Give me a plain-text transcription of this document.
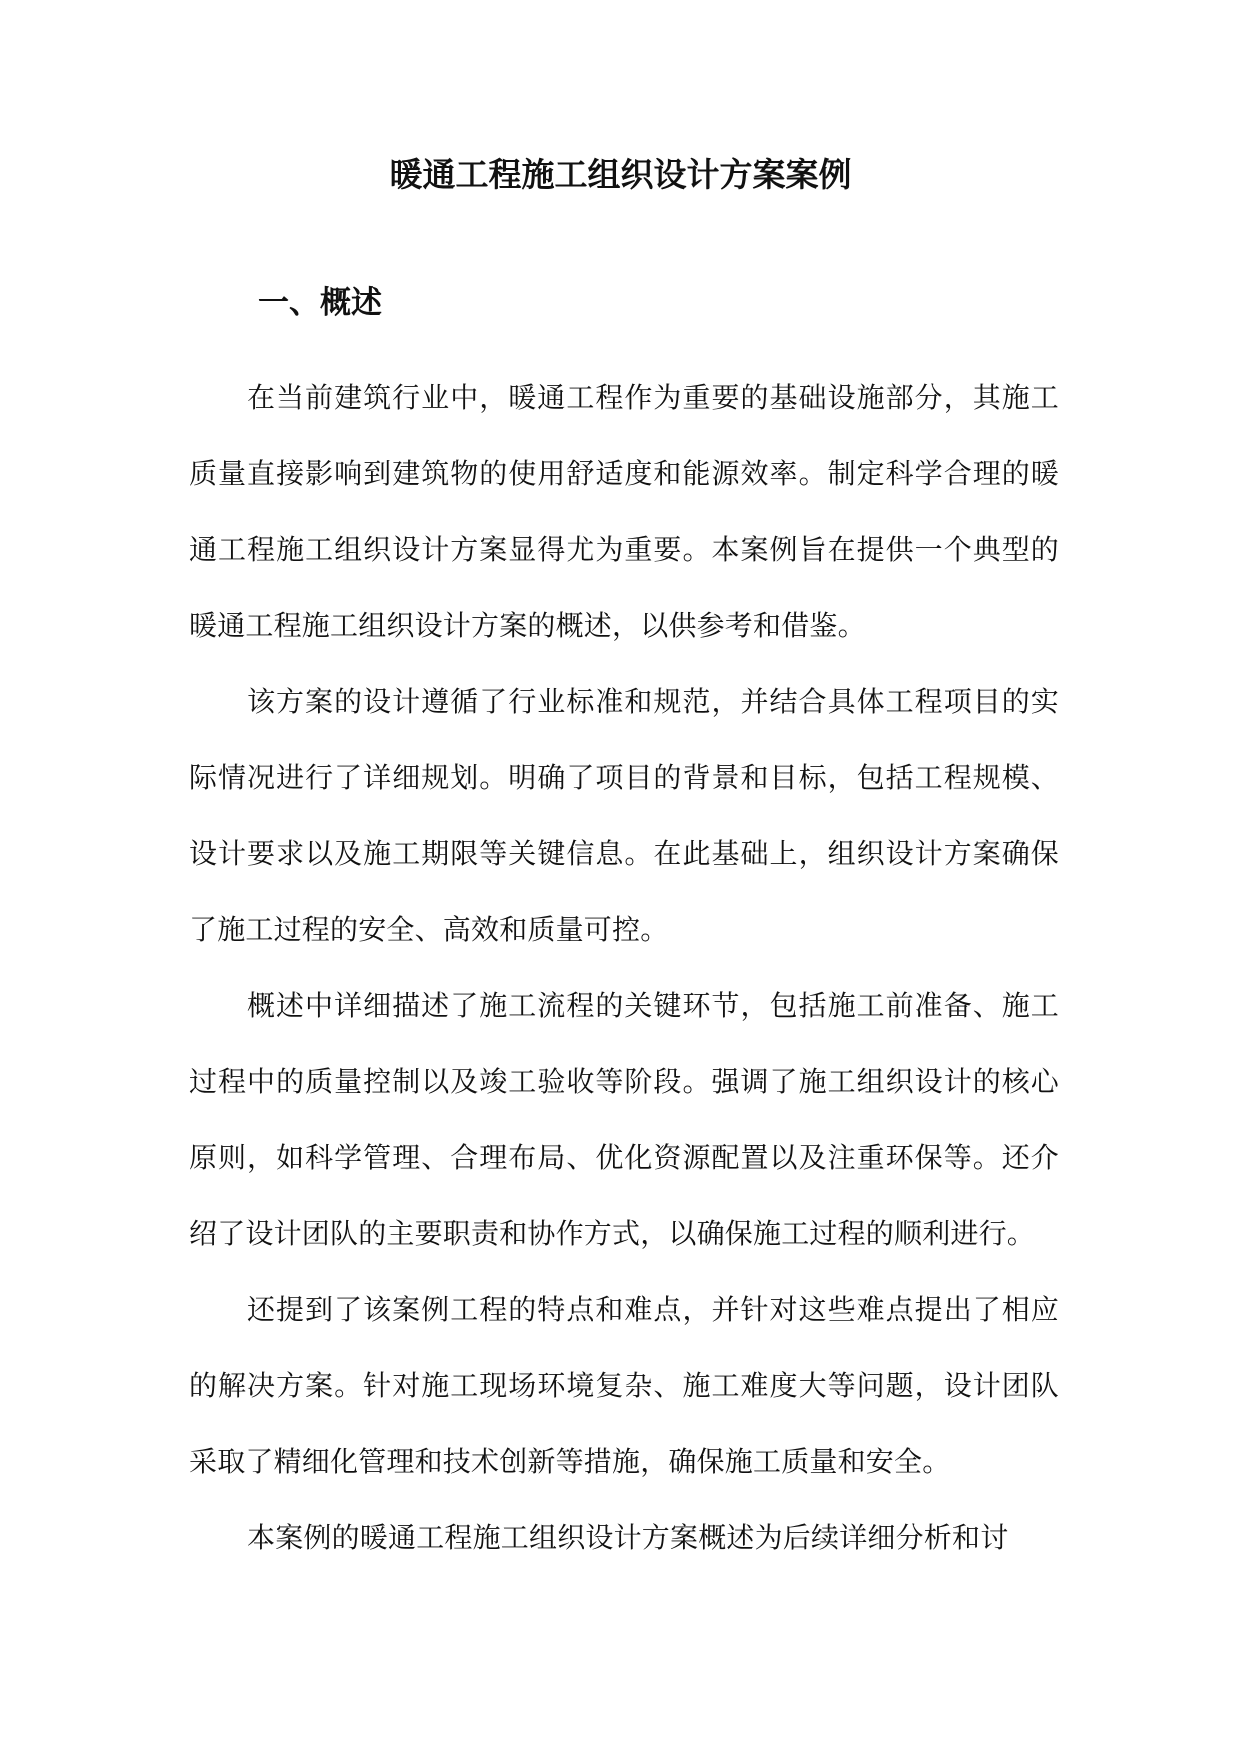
暖通工程施工组织设计方案案例
一、概述

在当前建筑行业中，暖通工程作为重要的基础设施部分，其施工质量直接影响到建筑物的使用舒适度和能源效率。制定科学合理的暖通工程施工组织设计方案显得尤为重要。本案例旨在提供一个典型的暖通工程施工组织设计方案的概述，以供参考和借鉴。

该方案的设计遵循了行业标准和规范，并结合具体工程项目的实际情况进行了详细规划。明确了项目的背景和目标，包括工程规模、设计要求以及施工期限等关键信息。在此基础上，组织设计方案确保了施工过程的安全、高效和质量可控。

概述中详细描述了施工流程的关键环节，包括施工前准备、施工过程中的质量控制以及竣工验收等阶段。强调了施工组织设计的核心原则，如科学管理、合理布局、优化资源配置以及注重环保等。还介绍了设计团队的主要职责和协作方式，以确保施工过程的顺利进行。

还提到了该案例工程的特点和难点，并针对这些难点提出了相应的解决方案。针对施工现场环境复杂、施工难度大等问题，设计团队采取了精细化管理和技术创新等措施，确保施工质量和安全。

本案例的暖通工程施工组织设计方案概述为后续详细分析和讨
